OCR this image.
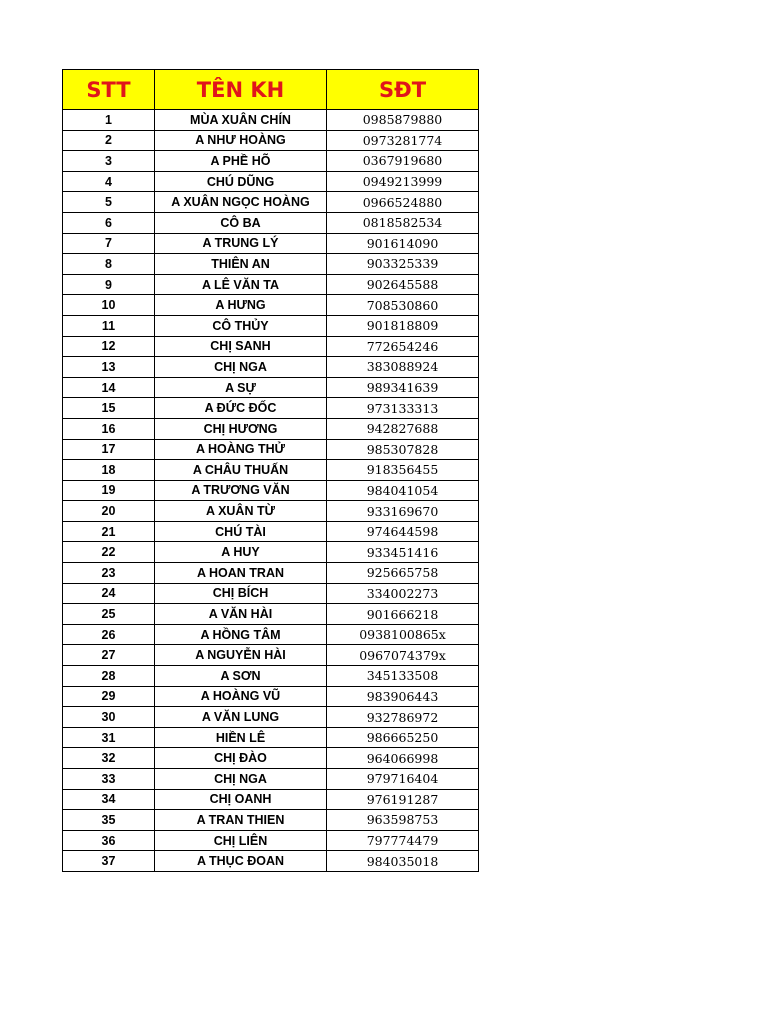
STT	TÊN KH	SĐT
1	MÙA XUÂN CHÍN	0985879880
2	A NHƯ HOÀNG	0973281774
3	A PHỀ HÕ	0367919680
4	CHÚ DŨNG	0949213999
5	A XUÂN NGỌC HOÀNG	0966524880
6	CÔ BA	0818582534
7	A TRUNG LÝ	901614090
8	THIÊN AN	903325339
9	A LÊ VĂN TA	902645588
10	A HƯNG	708530860
11	CÔ THỦY	901818809
12	CHỊ SANH	772654246
13	CHỊ NGA	383088924
14	A SỰ	989341639
15	A ĐỨC ĐỐC	973133313
16	CHỊ HƯƠNG	942827688
17	A HOÀNG THỬ	985307828
18	A CHÂU THUẤN	918356455
19	A TRƯƠNG VĂN	984041054
20	A XUÂN TỪ	933169670
21	CHÚ TÀI	974644598
22	A HUY	933451416
23	A HOAN TRAN	925665758
24	CHỊ BÍCH	334002273
25	A VĂN HÀI	901666218
26	A HỒNG TÂM	0938100865x
27	A NGUYỄN HÀI	0967074379x
28	A SƠN	345133508
29	A HOÀNG VŨ	983906443
30	A VĂN LUNG	932786972
31	HIỀN LÊ	986665250
32	CHỊ ĐÀO	964066998
33	CHỊ NGA	979716404
34	CHỊ OANH	976191287
35	A TRAN THIEN	963598753
36	CHỊ LIÊN	797774479
37	A THỤC ĐOAN	984035018
